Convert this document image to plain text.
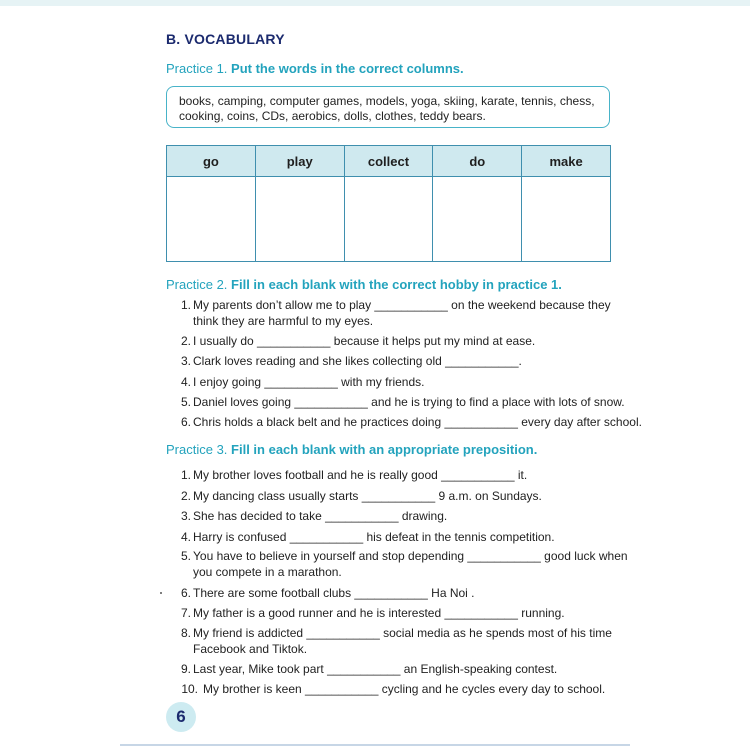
B. VOCABULARY
Practice 1. Put the words in the correct columns.
books, camping, computer games, models, yoga, skiing, karate, tennis, chess,
cooking, coins, CDs, aerobics, dolls, clothes, teddy bears.
go	play	collect	do	make

Practice 2. Fill in each blank with the correct hobby in practice 1.
1. My parents don’t allow me to play ___________ on the weekend because they
think they are harmful to my eyes.
2. I usually do ___________ because it helps put my mind at ease.
3. Clark loves reading and she likes collecting old ___________.
4. I enjoy going ___________ with my friends.
5. Daniel loves going ___________ and he is trying to find a place with lots of snow.
6. Chris holds a black belt and he practices doing ___________ every day after school.
Practice 3. Fill in each blank with an appropriate preposition.
1. My brother loves football and he is really good ___________ it.
2. My dancing class usually starts ___________ 9 a.m. on Sundays.
3. She has decided to take ___________ drawing.
4. Harry is confused ___________ his defeat in the tennis competition.
5. You have to believe in yourself and stop depending ___________ good luck when
you compete in a marathon.
6. There are some football clubs ___________ Ha Noi .
7. My father is a good runner and he is interested ___________ running.
8. My friend is addicted ___________ social media as he spends most of his time
Facebook and Tiktok.
9. Last year, Mike took part ___________ an English-speaking contest.
10. My brother is keen ___________ cycling and he cycles every day to school.
6
